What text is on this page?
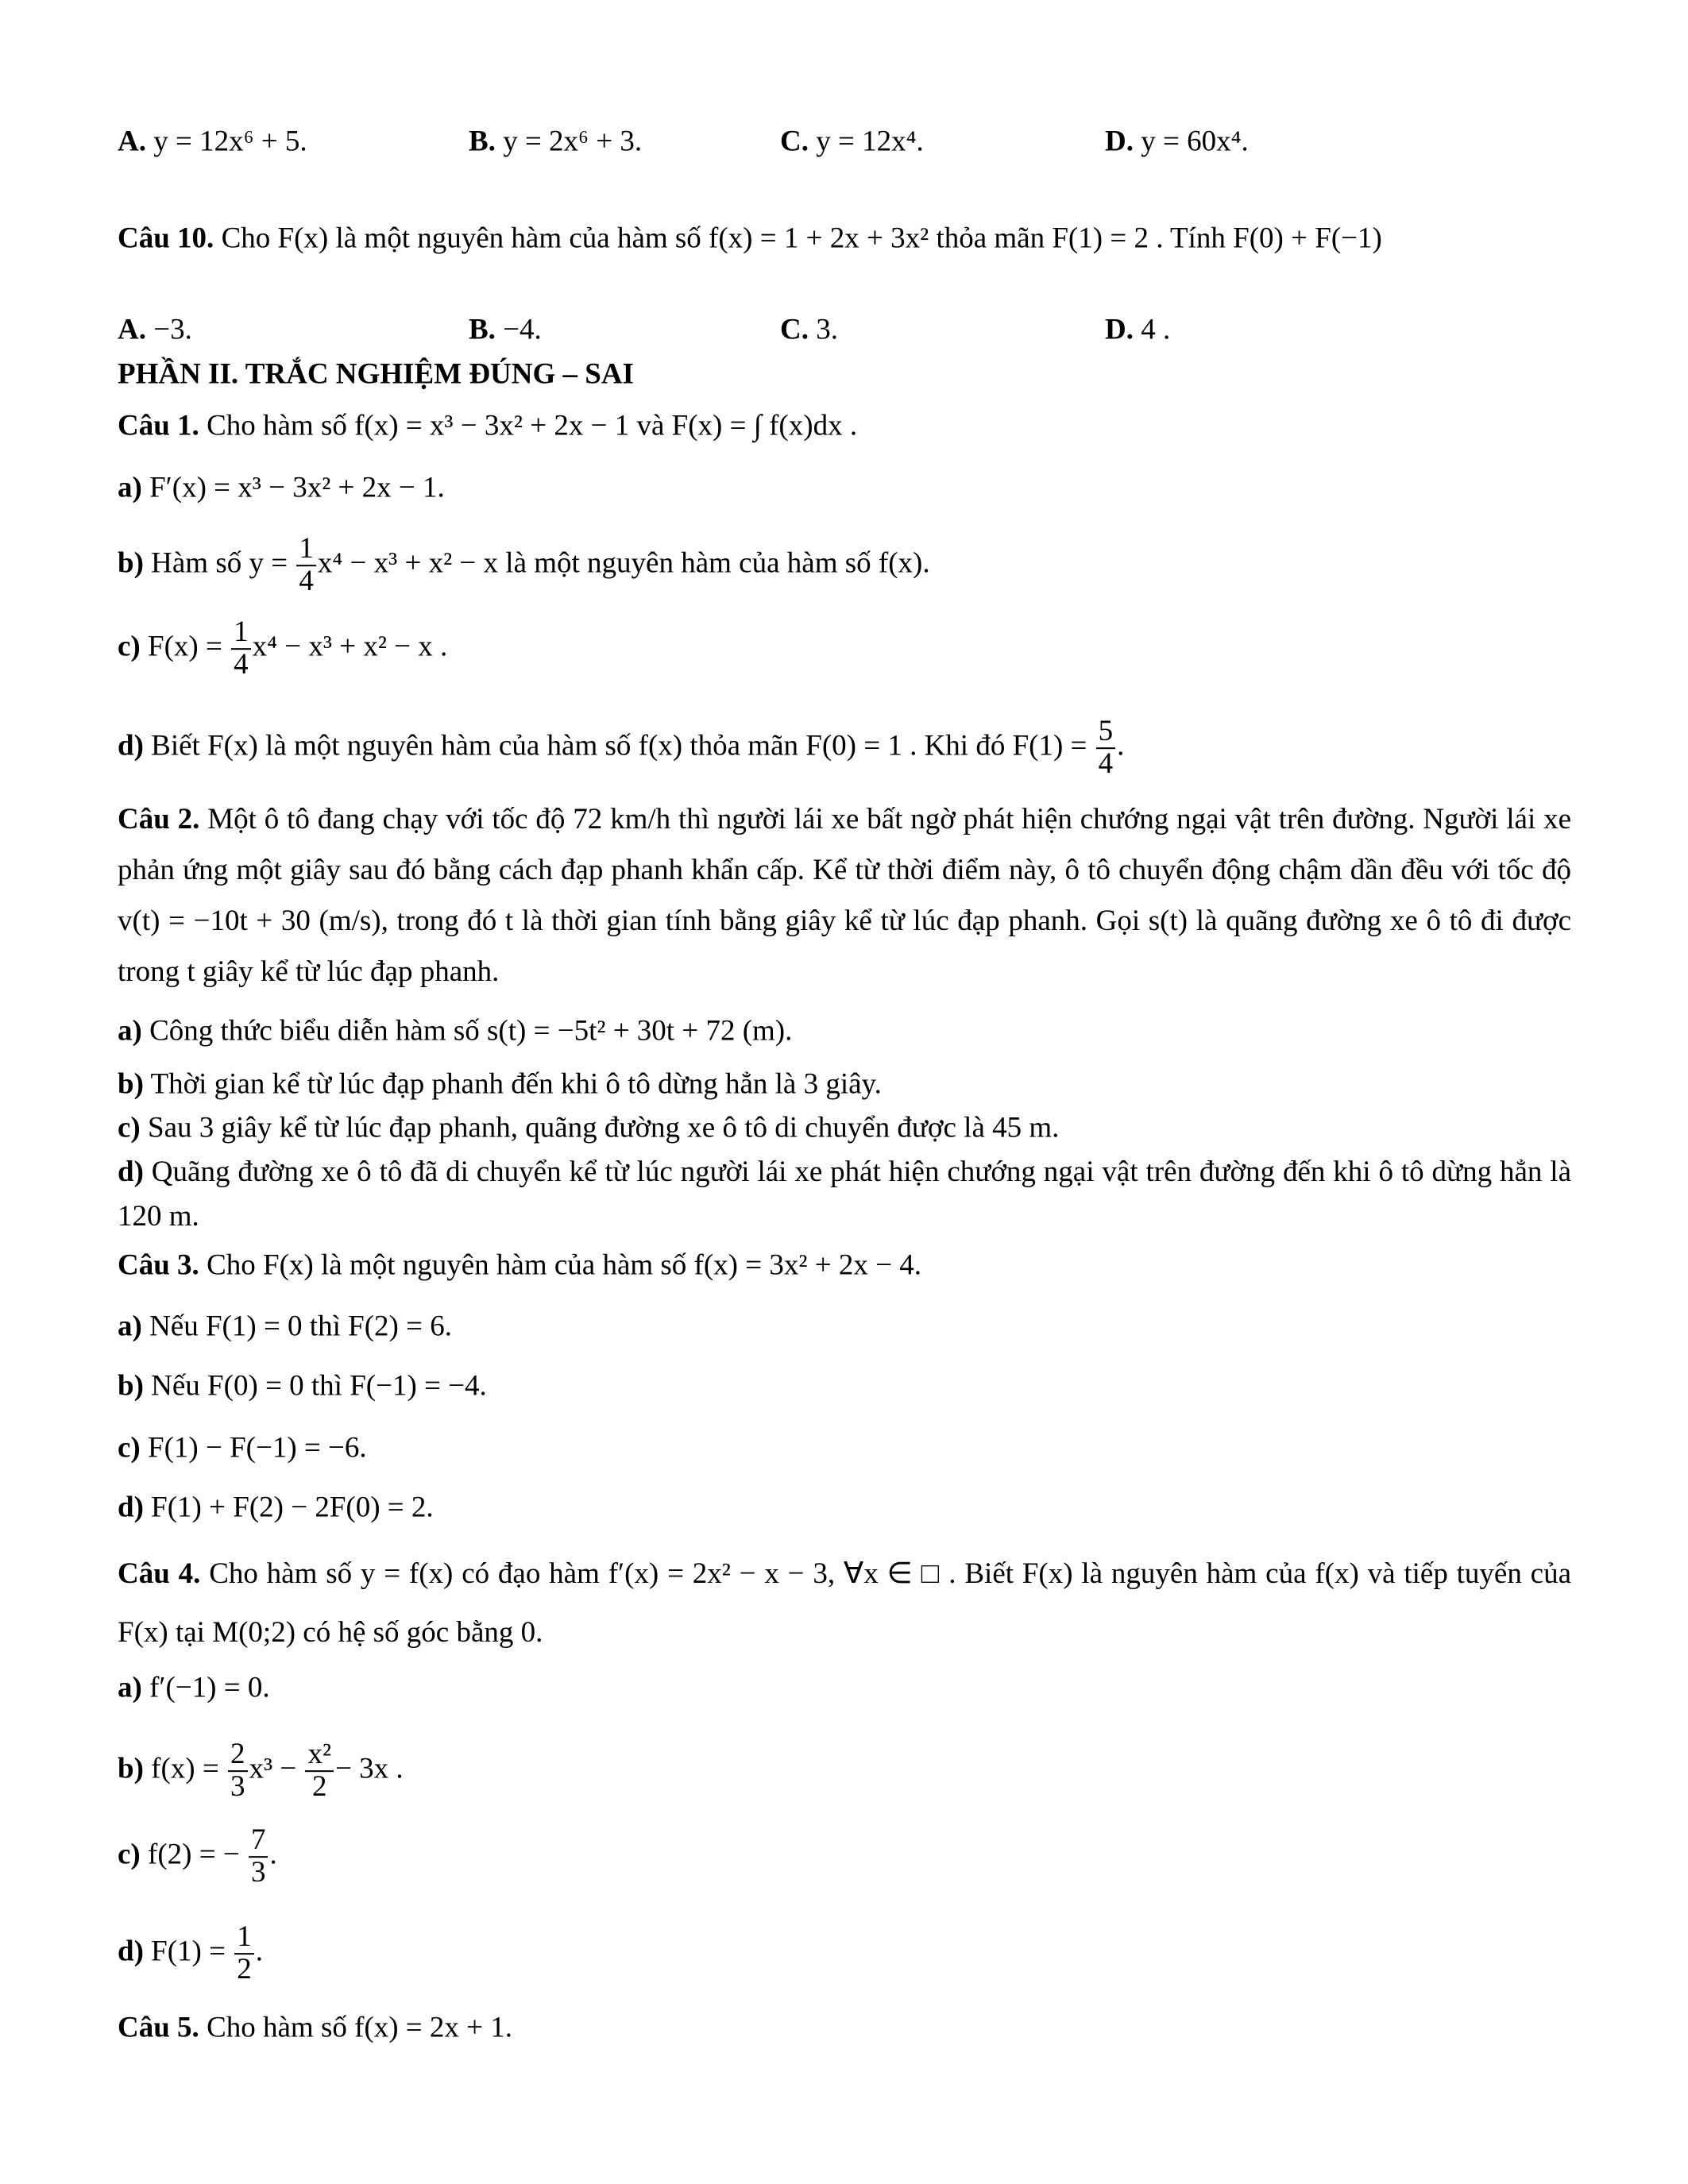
A. y = 12x⁶ + 5.	B. y = 2x⁶ + 3.	C. y = 12x⁴.	D. y = 60x⁴.
Câu 10. Cho F(x) là một nguyên hàm của hàm số f(x) = 1 + 2x + 3x² thỏa mãn F(1) = 2 . Tính F(0) + F(−1)
A. −3.	B. −4.	C. 3.	D. 4 .
PHẦN II. TRẮC NGHIỆM ĐÚNG – SAI
Câu 1. Cho hàm số f(x) = x³ − 3x² + 2x − 1 và F(x) = ∫ f(x)dx .
a) F′(x) = x³ − 3x² + 2x − 1.
b) Hàm số $y = \frac{1}{4} x^4 - x^3 + x^2 - x$ là một nguyên hàm của hàm số f(x).
c) $F(x) = \frac{1}{4} x^4 - x^3 + x^2 - x$ .
d) Biết F(x) là một nguyên hàm của hàm số f(x) thỏa mãn F(0) = 1 . Khi đó $F(1) = \frac{5}{4}$ .
Câu 2. Một ô tô đang chạy với tốc độ 72 km/h thì người lái xe bất ngờ phát hiện chướng ngại vật trên đường. Người lái xe phản ứng một giây sau đó bằng cách đạp phanh khẩn cấp. Kể từ thời điểm này, ô tô chuyển động chậm dần đều với tốc độ v(t) = −10t + 30 (m/s), trong đó t là thời gian tính bằng giây kể từ lúc đạp phanh. Gọi s(t) là quãng đường xe ô tô đi được trong t giây kể từ lúc đạp phanh.
a) Công thức biểu diễn hàm số s(t) = −5t² + 30t + 72 (m).
b) Thời gian kể từ lúc đạp phanh đến khi ô tô dừng hẳn là 3 giây.
c) Sau 3 giây kể từ lúc đạp phanh, quãng đường xe ô tô di chuyển được là 45 m.
d) Quãng đường xe ô tô đã di chuyển kể từ lúc người lái xe phát hiện chướng ngại vật trên đường đến khi ô tô dừng hẳn là 120 m.
Câu 3. Cho F(x) là một nguyên hàm của hàm số f(x) = 3x² + 2x − 4.
a) Nếu F(1) = 0 thì F(2) = 6.
b) Nếu F(0) = 0 thì F(−1) = −4.
c) F(1) − F(−1) = −6.
d) F(1) + F(2) − 2F(0) = 2.
Câu 4. Cho hàm số y = f(x) có đạo hàm f′(x) = 2x² − x − 3, ∀x ∈ □ . Biết F(x) là nguyên hàm của f(x) và tiếp tuyến của F(x) tại M(0;2) có hệ số góc bằng 0.
a) f′(−1) = 0.
b) $f(x) = \frac{2}{3} x^3 - \frac{\text{x²}}{2} - 3x$ .
c) f(2) = − $\frac{7}{3}$ .
d) $F(1) = \frac{1}{2}$ .
Câu 5. Cho hàm số f(x) = 2x + 1.
